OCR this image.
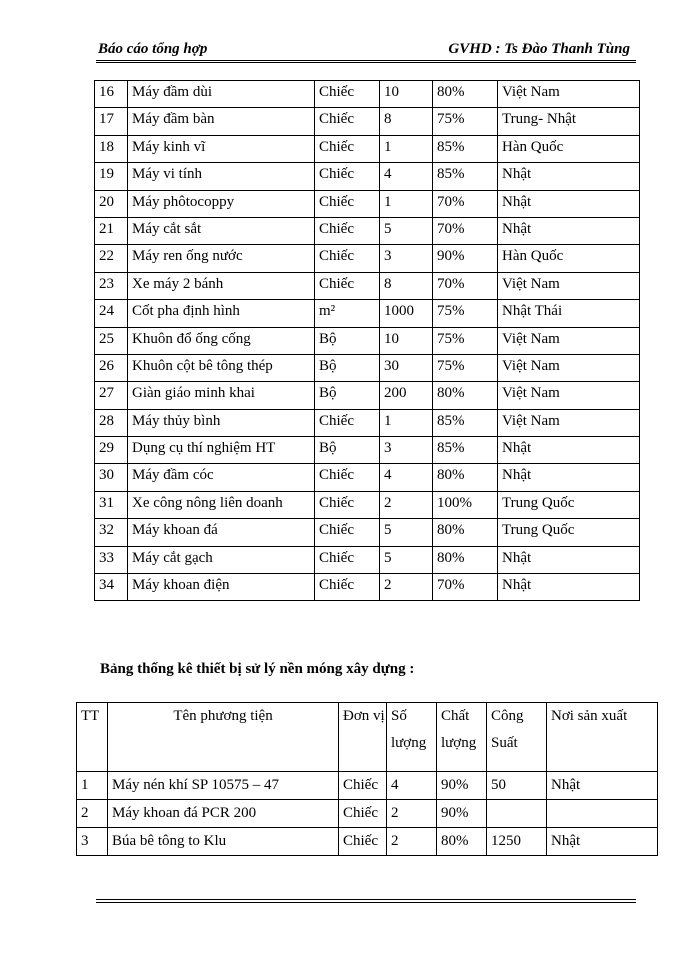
Báo cáo tổng hợp	GVHD : Ts Đào Thanh Tùng
16	Máy đầm dùi	Chiếc	10	80%	Việt Nam
17	Máy đầm bàn	Chiếc	8	75%	Trung- Nhật
18	Máy kinh vĩ	Chiếc	1	85%	Hàn Quốc
19	Máy vi tính	Chiếc	4	85%	Nhật
20	Máy phôtocoppy	Chiếc	1	70%	Nhật
21	Máy cắt sắt	Chiếc	5	70%	Nhật
22	Máy ren ống nước	Chiếc	3	90%	Hàn Quốc
23	Xe máy 2 bánh	Chiếc	8	70%	Việt Nam
24	Cốt pha định hình	m²	1000	75%	Nhật Thái
25	Khuôn đổ ống cống	Bộ	10	75%	Việt Nam
26	Khuôn cột bê tông thép	Bộ	30	75%	Việt Nam
27	Giàn giáo minh khai	Bộ	200	80%	Việt Nam
28	Máy thủy bình	Chiếc	1	85%	Việt Nam
29	Dụng cụ thí nghiệm HT	Bộ	3	85%	Nhật
30	Máy đầm cóc	Chiếc	4	80%	Nhật
31	Xe công nông liên doanh	Chiếc	2	100%	Trung Quốc
32	Máy khoan đá	Chiếc	5	80%	Trung Quốc
33	Máy cắt gạch	Chiếc	5	80%	Nhật
34	Máy khoan điện	Chiếc	2	70%	Nhật
Bảng thống kê thiết bị sử lý nền móng xây dựng :
TT	Tên phương tiện	Đơn vị	Số lượng	Chất lượng	Công Suất	Nơi sản xuất
1	Máy nén khí SP 10575 – 47	Chiếc	4	90%	50	Nhật
2	Máy khoan đá PCR 200	Chiếc	2	90%		
3	Búa bê tông to Klu	Chiếc	2	80%	1250	Nhật
